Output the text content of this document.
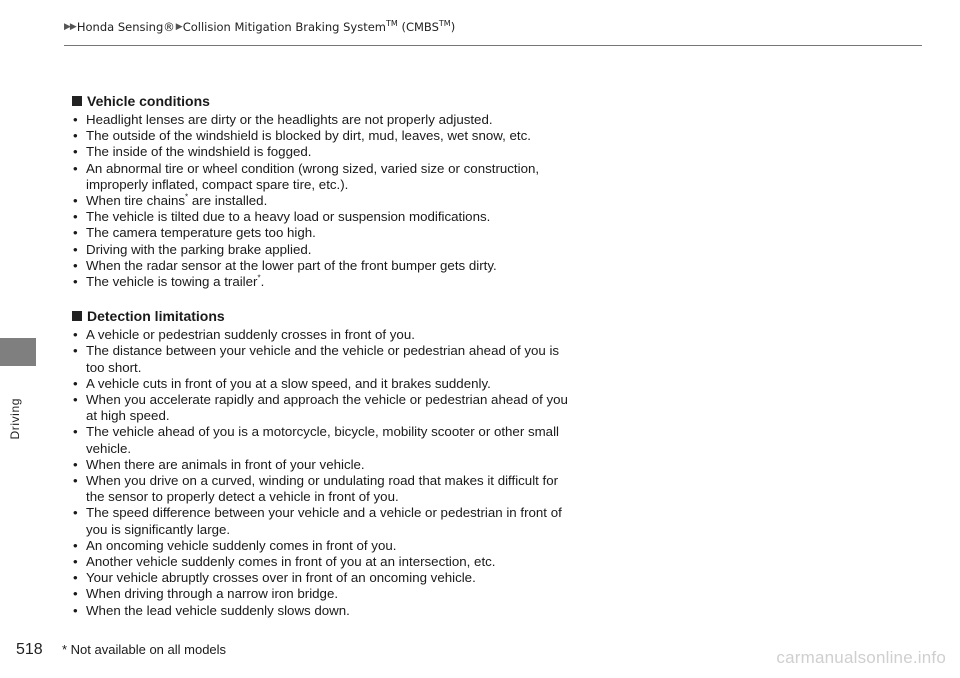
▶▶ Honda Sensing® ▶ Collision Mitigation Braking System™ (CMBS™)
Driving
518
Vehicle conditions
• Headlight lenses are dirty or the headlights are not properly adjusted.
• The outside of the windshield is blocked by dirt, mud, leaves, wet snow, etc.
• The inside of the windshield is fogged.
• An abnormal tire or wheel condition (wrong sized, varied size or construction, improperly inflated, compact spare tire, etc.).
• When tire chains* are installed.
• The vehicle is tilted due to a heavy load or suspension modifications.
• The camera temperature gets too high.
• Driving with the parking brake applied.
• When the radar sensor at the lower part of the front bumper gets dirty.
• The vehicle is towing a trailer*.
Detection limitations
• A vehicle or pedestrian suddenly crosses in front of you.
• The distance between your vehicle and the vehicle or pedestrian ahead of you is too short.
• A vehicle cuts in front of you at a slow speed, and it brakes suddenly.
• When you accelerate rapidly and approach the vehicle or pedestrian ahead of you at high speed.
• The vehicle ahead of you is a motorcycle, bicycle, mobility scooter or other small vehicle.
• When there are animals in front of your vehicle.
• When you drive on a curved, winding or undulating road that makes it difficult for the sensor to properly detect a vehicle in front of you.
• The speed difference between your vehicle and a vehicle or pedestrian in front of you is significantly large.
• An oncoming vehicle suddenly comes in front of you.
• Another vehicle suddenly comes in front of you at an intersection, etc.
• Your vehicle abruptly crosses over in front of an oncoming vehicle.
• When driving through a narrow iron bridge.
• When the lead vehicle suddenly slows down.
* Not available on all models	carmanualsonline.info
